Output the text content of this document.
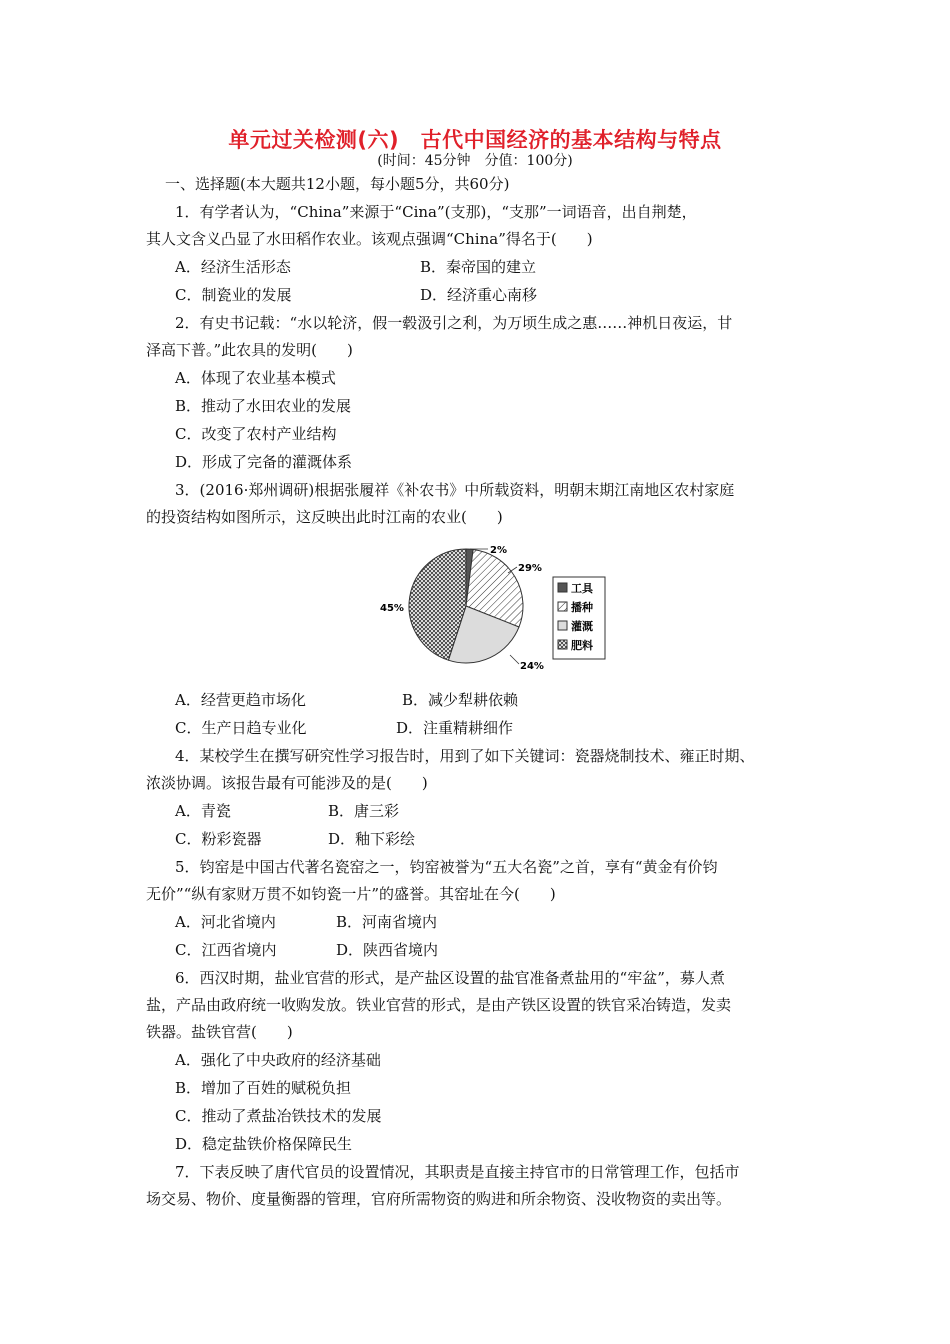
单元过关检测(六)　古代中国经济的基本结构与特点
(时间：45分钟　分值：100分)
一、选择题(本大题共12小题，每小题5分，共60分)
1．有学者认为，“China”来源于“Cina”(支那)，“支那”一词语音，出自荆楚，
其人文含义凸显了水田稻作农业。该观点强调“China”得名于(　　)
A．经济生活形态	B．秦帝国的建立
C．制瓷业的发展	D．经济重心南移
2．有史书记载：“水以轮济，假一毂汲引之利，为万顷生成之惠……神机日夜运，甘
泽高下普。”此农具的发明(　　)
A．体现了农业基本模式
B．推动了水田农业的发展
C．改变了农村产业结构
D．形成了完备的灌溉体系
3．(2016·郑州调研)根据张履祥《补农书》中所载资料，明朝末期江南地区农村家庭
的投资结构如图所示，这反映出此时江南的农业(　　)
2%
29%
24%
45%
工具
播种
灌溉
肥料
A．经营更趋市场化	B．减少犁耕依赖
C．生产日趋专业化	D．注重精耕细作
4．某校学生在撰写研究性学习报告时，用到了如下关键词：瓷器烧制技术、雍正时期、
浓淡协调。该报告最有可能涉及的是(　　)
A．青瓷	B．唐三彩
C．粉彩瓷器	D．釉下彩绘
5．钧窑是中国古代著名瓷窑之一，钧窑被誉为“五大名瓷”之首，享有“黄金有价钧
无价”“纵有家财万贯不如钧瓷一片”的盛誉。其窑址在今(　　)
A．河北省境内	B．河南省境内
C．江西省境内	D．陕西省境内
6．西汉时期，盐业官营的形式，是产盐区设置的盐官准备煮盐用的“牢盆”，募人煮
盐，产品由政府统一收购发放。铁业官营的形式，是由产铁区设置的铁官采冶铸造，发卖
铁器。盐铁官营(　　)
A．强化了中央政府的经济基础
B．增加了百姓的赋税负担
C．推动了煮盐冶铁技术的发展
D．稳定盐铁价格保障民生
7．下表反映了唐代官员的设置情况，其职责是直接主持官市的日常管理工作，包括市
场交易、物价、度量衡器的管理，官府所需物资的购进和所余物资、没收物资的卖出等。
